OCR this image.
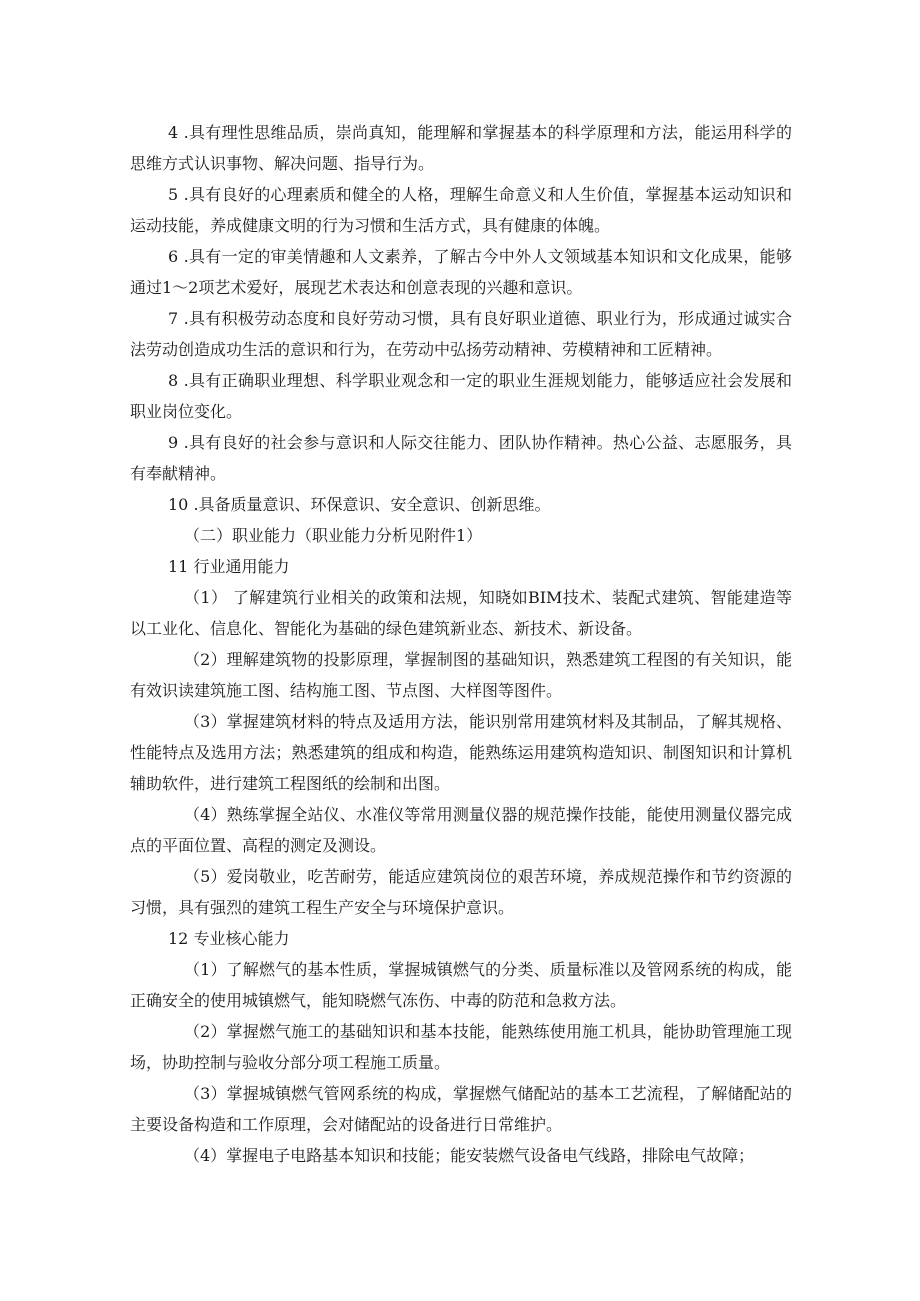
4 .具有理性思维品质，崇尚真知，能理解和掌握基本的科学原理和方法，能运用科学的思维方式认识事物、解决问题、指导行为。

5 .具有良好的心理素质和健全的人格，理解生命意义和人生价值，掌握基本运动知识和运动技能，养成健康文明的行为习惯和生活方式，具有健康的体魄。

6 .具有一定的审美情趣和人文素养，了解古今中外人文领域基本知识和文化成果，能够通过1～2项艺术爱好，展现艺术表达和创意表现的兴趣和意识。

7 .具有积极劳动态度和良好劳动习惯，具有良好职业道德、职业行为，形成通过诚实合法劳动创造成功生活的意识和行为，在劳动中弘扬劳动精神、劳模精神和工匠精神。

8 .具有正确职业理想、科学职业观念和一定的职业生涯规划能力，能够适应社会发展和职业岗位变化。

9 .具有良好的社会参与意识和人际交往能力、团队协作精神。热心公益、志愿服务，具有奉献精神。

10 .具备质量意识、环保意识、安全意识、创新思维。

（二）职业能力（职业能力分析见附件1）

11 行业通用能力

（1） 了解建筑行业相关的政策和法规，知晓如BIM技术、装配式建筑、智能建造等以工业化、信息化、智能化为基础的绿色建筑新业态、新技术、新设备。

（2）理解建筑物的投影原理，掌握制图的基础知识，熟悉建筑工程图的有关知识，能有效识读建筑施工图、结构施工图、节点图、大样图等图件。

（3）掌握建筑材料的特点及适用方法，能识别常用建筑材料及其制品，了解其规格、性能特点及选用方法；熟悉建筑的组成和构造，能熟练运用建筑构造知识、制图知识和计算机辅助软件，进行建筑工程图纸的绘制和出图。

（4）熟练掌握全站仪、水准仪等常用测量仪器的规范操作技能，能使用测量仪器完成点的平面位置、高程的测定及测设。

（5）爱岗敬业，吃苦耐劳，能适应建筑岗位的艰苦环境，养成规范操作和节约资源的习惯，具有强烈的建筑工程生产安全与环境保护意识。

12 专业核心能力

（1）了解燃气的基本性质，掌握城镇燃气的分类、质量标准以及管网系统的构成，能正确安全的使用城镇燃气，能知晓燃气冻伤、中毒的防范和急救方法。

（2）掌握燃气施工的基础知识和基本技能，能熟练使用施工机具，能协助管理施工现场，协助控制与验收分部分项工程施工质量。

（3）掌握城镇燃气管网系统的构成，掌握燃气储配站的基本工艺流程，了解储配站的主要设备构造和工作原理，会对储配站的设备进行日常维护。

（4）掌握电子电路基本知识和技能；能安装燃气设备电气线路，排除电气故障；
